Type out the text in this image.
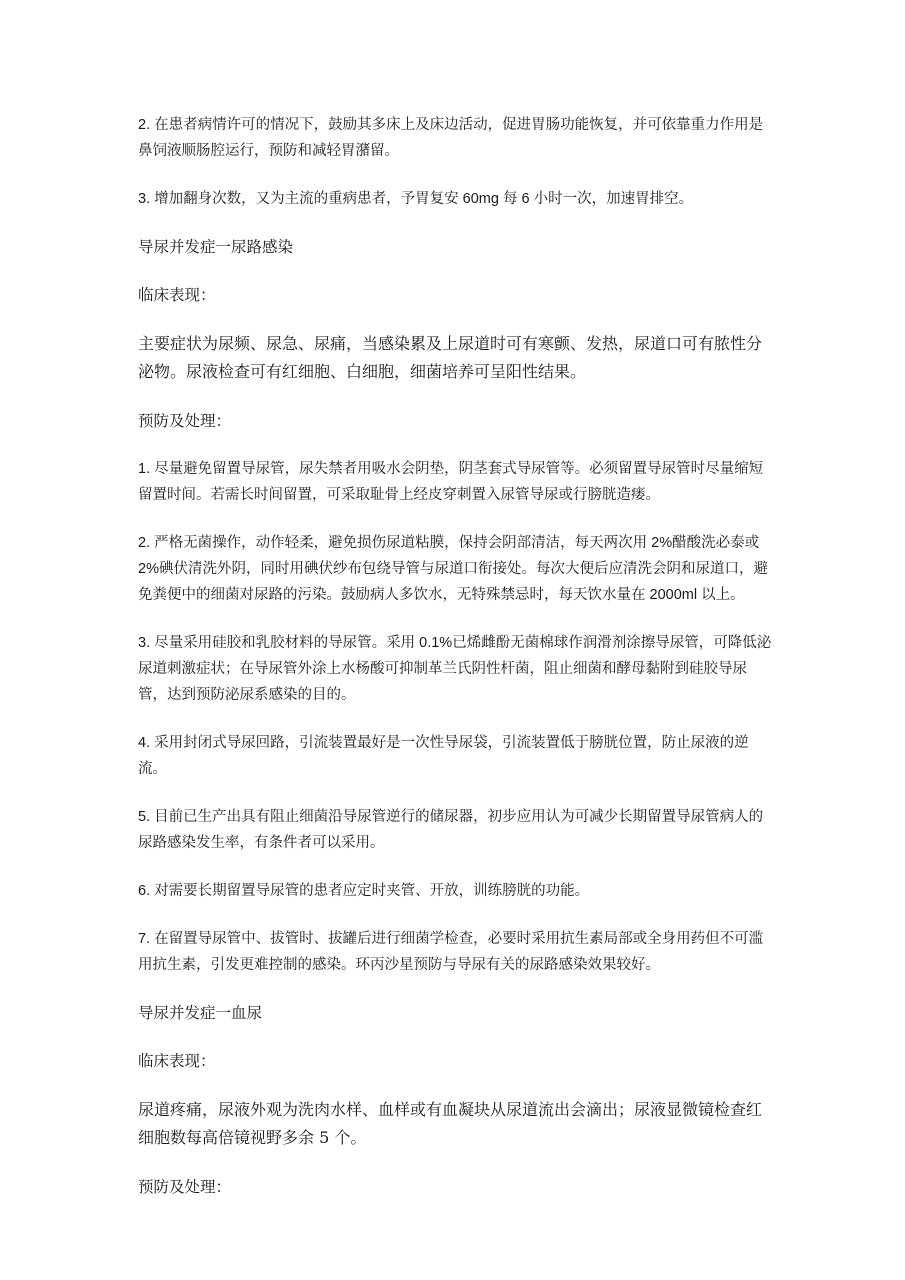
2. 在患者病情许可的情况下，鼓励其多床上及床边活动，促进胃肠功能恢复，并可依靠重力作用是鼻饲液顺肠腔运行，预防和减轻胃潴留。

3. 增加翻身次数，又为主流的重病患者，予胃复安 60mg 每 6 小时一次，加速胃排空。

导尿并发症一尿路感染

临床表现：

主要症状为尿频、尿急、尿痛，当感染累及上尿道时可有寒颤、发热，尿道口可有脓性分泌物。尿液检查可有红细胞、白细胞，细菌培养可呈阳性结果。

预防及处理：

1. 尽量避免留置导尿管，尿失禁者用吸水会阴垫，阴茎套式导尿管等。必须留置导尿管时尽量缩短留置时间。若需长时间留置，可采取耻骨上经皮穿刺置入尿管导尿或行膀胱造瘘。

2. 严格无菌操作，动作轻柔，避免损伤尿道粘膜，保持会阴部清洁，每天两次用 2%醋酸洗必泰或 2%碘伏清洗外阴，同时用碘伏纱布包绕导管与尿道口衔接处。每次大便后应清洗会阴和尿道口，避免粪便中的细菌对尿路的污染。鼓励病人多饮水，无特殊禁忌时，每天饮水量在 2000ml 以上。

3. 尽量采用硅胶和乳胶材料的导尿管。采用 0.1%已烯雌酚无菌棉球作润滑剂涂擦导尿管，可降低泌尿道刺激症状；在导尿管外涂上水杨酸可抑制革兰氏阴性杆菌，阻止细菌和酵母黏附到硅胶导尿管，达到预防泌尿系感染的目的。

4. 采用封闭式导尿回路，引流装置最好是一次性导尿袋，引流装置低于膀胱位置，防止尿液的逆流。

5. 目前已生产出具有阻止细菌沿导尿管逆行的储尿器，初步应用认为可减少长期留置导尿管病人的尿路感染发生率，有条件者可以采用。

6. 对需要长期留置导尿管的患者应定时夹管、开放，训练膀胱的功能。

7. 在留置导尿管中、拔管时、拔罐后进行细菌学检查，必要时采用抗生素局部或全身用药但不可滥用抗生素，引发更难控制的感染。环丙沙星预防与导尿有关的尿路感染效果较好。

导尿并发症一血尿

临床表现：

尿道疼痛，尿液外观为洗肉水样、血样或有血凝块从尿道流出会滴出；尿液显微镜检查红细胞数每高倍镜视野多余 5 个。

预防及处理：
